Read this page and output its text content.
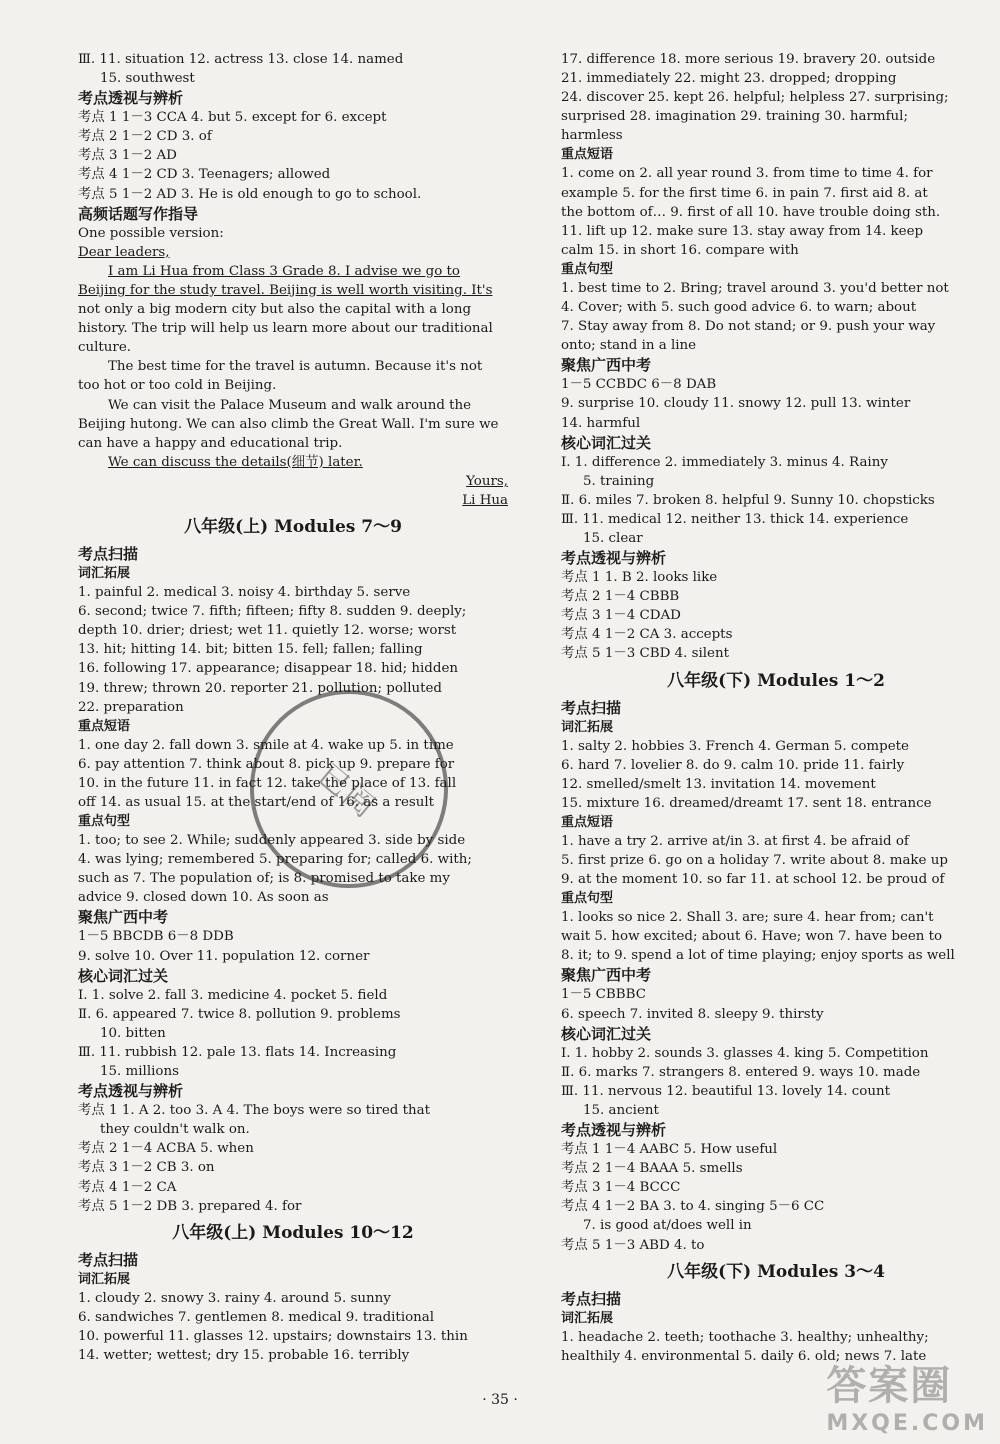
Ⅲ. 11. situation 12. actress 13. close 14. named
15. southwest
考点透视与辨析
考点 1 1－3 CCA 4. but 5. except for 6. except
考点 2 1－2 CD 3. of
考点 3 1－2 AD
考点 4 1－2 CD 3. Teenagers; allowed
考点 5 1－2 AD 3. He is old enough to go to school.
高频话题写作指导
One possible version:
Dear leaders,
I am Li Hua from Class 3 Grade 8. I advise we go to
Beijing for the study travel. Beijing is well worth visiting. It's
not only a big modern city but also the capital with a long
history. The trip will help us learn more about our traditional
culture.
The best time for the travel is autumn. Because it's not
too hot or too cold in Beijing.
We can visit the Palace Museum and walk around the
Beijing hutong. We can also climb the Great Wall. I'm sure we
can have a happy and educational trip.
We can discuss the details(细节) later.
Yours,
Li Hua
八年级(上) Modules 7～9
考点扫描
词汇拓展
1. painful 2. medical 3. noisy 4. birthday 5. serve
6. second; twice 7. fifth; fifteen; fifty 8. sudden 9. deeply;
depth 10. drier; driest; wet 11. quietly 12. worse; worst
13. hit; hitting 14. bit; bitten 15. fell; fallen; falling
16. following 17. appearance; disappear 18. hid; hidden
19. threw; thrown 20. reporter 21. pollution; polluted
22. preparation
重点短语
1. one day 2. fall down 3. smile at 4. wake up 5. in time
6. pay attention 7. think about 8. pick up 9. prepare for
10. in the future 11. in fact 12. take the place of 13. fall
off 14. as usual 15. at the start/end of 16. as a result
重点句型
1. too; to see 2. While; suddenly appeared 3. side by side
4. was lying; remembered 5. preparing for; called 6. with;
such as 7. The population of; is 8. promised to take my
advice 9. closed down 10. As soon as
聚焦广西中考
1－5 BBCDB 6－8 DDB
9. solve 10. Over 11. population 12. corner
核心词汇过关
Ⅰ. 1. solve 2. fall 3. medicine 4. pocket 5. field
Ⅱ. 6. appeared 7. twice 8. pollution 9. problems
10. bitten
Ⅲ. 11. rubbish 12. pale 13. flats 14. Increasing
15. millions
考点透视与辨析
考点 1 1. A 2. too 3. A 4. The boys were so tired that
they couldn't walk on.
考点 2 1－4 ACBA 5. when
考点 3 1－2 CB 3. on
考点 4 1－2 CA
考点 5 1－2 DB 3. prepared 4. for
八年级(上) Modules 10～12
考点扫描
词汇拓展
1. cloudy 2. snowy 3. rainy 4. around 5. sunny
6. sandwiches 7. gentlemen 8. medical 9. traditional
10. powerful 11. glasses 12. upstairs; downstairs 13. thin
14. wetter; wettest; dry 15. probable 16. terribly
17. difference 18. more serious 19. bravery 20. outside
21. immediately 22. might 23. dropped; dropping
24. discover 25. kept 26. helpful; helpless 27. surprising;
surprised 28. imagination 29. training 30. harmful;
harmless
重点短语
1. come on 2. all year round 3. from time to time 4. for
example 5. for the first time 6. in pain 7. first aid 8. at
the bottom of… 9. first of all 10. have trouble doing sth.
11. lift up 12. make sure 13. stay away from 14. keep
calm 15. in short 16. compare with
重点句型
1. best time to 2. Bring; travel around 3. you'd better not
4. Cover; with 5. such good advice 6. to warn; about
7. Stay away from 8. Do not stand; or 9. push your way
onto; stand in a line
聚焦广西中考
1－5 CCBDC 6－8 DAB
9. surprise 10. cloudy 11. snowy 12. pull 13. winter
14. harmful
核心词汇过关
Ⅰ. 1. difference 2. immediately 3. minus 4. Rainy
5. training
Ⅱ. 6. miles 7. broken 8. helpful 9. Sunny 10. chopsticks
Ⅲ. 11. medical 12. neither 13. thick 14. experience
15. clear
考点透视与辨析
考点 1 1. B 2. looks like
考点 2 1－4 CBBB
考点 3 1－4 CDAD
考点 4 1－2 CA 3. accepts
考点 5 1－3 CBD 4. silent
八年级(下) Modules 1～2
考点扫描
词汇拓展
1. salty 2. hobbies 3. French 4. German 5. compete
6. hard 7. lovelier 8. do 9. calm 10. pride 11. fairly
12. smelled/smelt 13. invitation 14. movement
15. mixture 16. dreamed/dreamt 17. sent 18. entrance
重点短语
1. have a try 2. arrive at/in 3. at first 4. be afraid of
5. first prize 6. go on a holiday 7. write about 8. make up
9. at the moment 10. so far 11. at school 12. be proud of
重点句型
1. looks so nice 2. Shall 3. are; sure 4. hear from; can't
wait 5. how excited; about 6. Have; won 7. have been to
8. it; to 9. spend a lot of time playing; enjoy sports as well
聚焦广西中考
1－5 CBBBC
6. speech 7. invited 8. sleepy 9. thirsty
核心词汇过关
Ⅰ. 1. hobby 2. sounds 3. glasses 4. king 5. Competition
Ⅱ. 6. marks 7. strangers 8. entered 9. ways 10. made
Ⅲ. 11. nervous 12. beautiful 13. lovely 14. count
15. ancient
考点透视与辨析
考点 1 1－4 AABC 5. How useful
考点 2 1－4 BAAA 5. smells
考点 3 1－4 BCCC
考点 4 1－2 BA 3. to 4. singing 5－6 CC
7. is good at/does well in
考点 5 1－3 ABD 4. to
八年级(下) Modules 3～4
考点扫描
词汇拓展
1. headache 2. teeth; toothache 3. healthy; unhealthy;
healthily 4. environmental 5. daily 6. old; news 7. late
已阅
· 35 ·	答案圈
MXQE.COM
